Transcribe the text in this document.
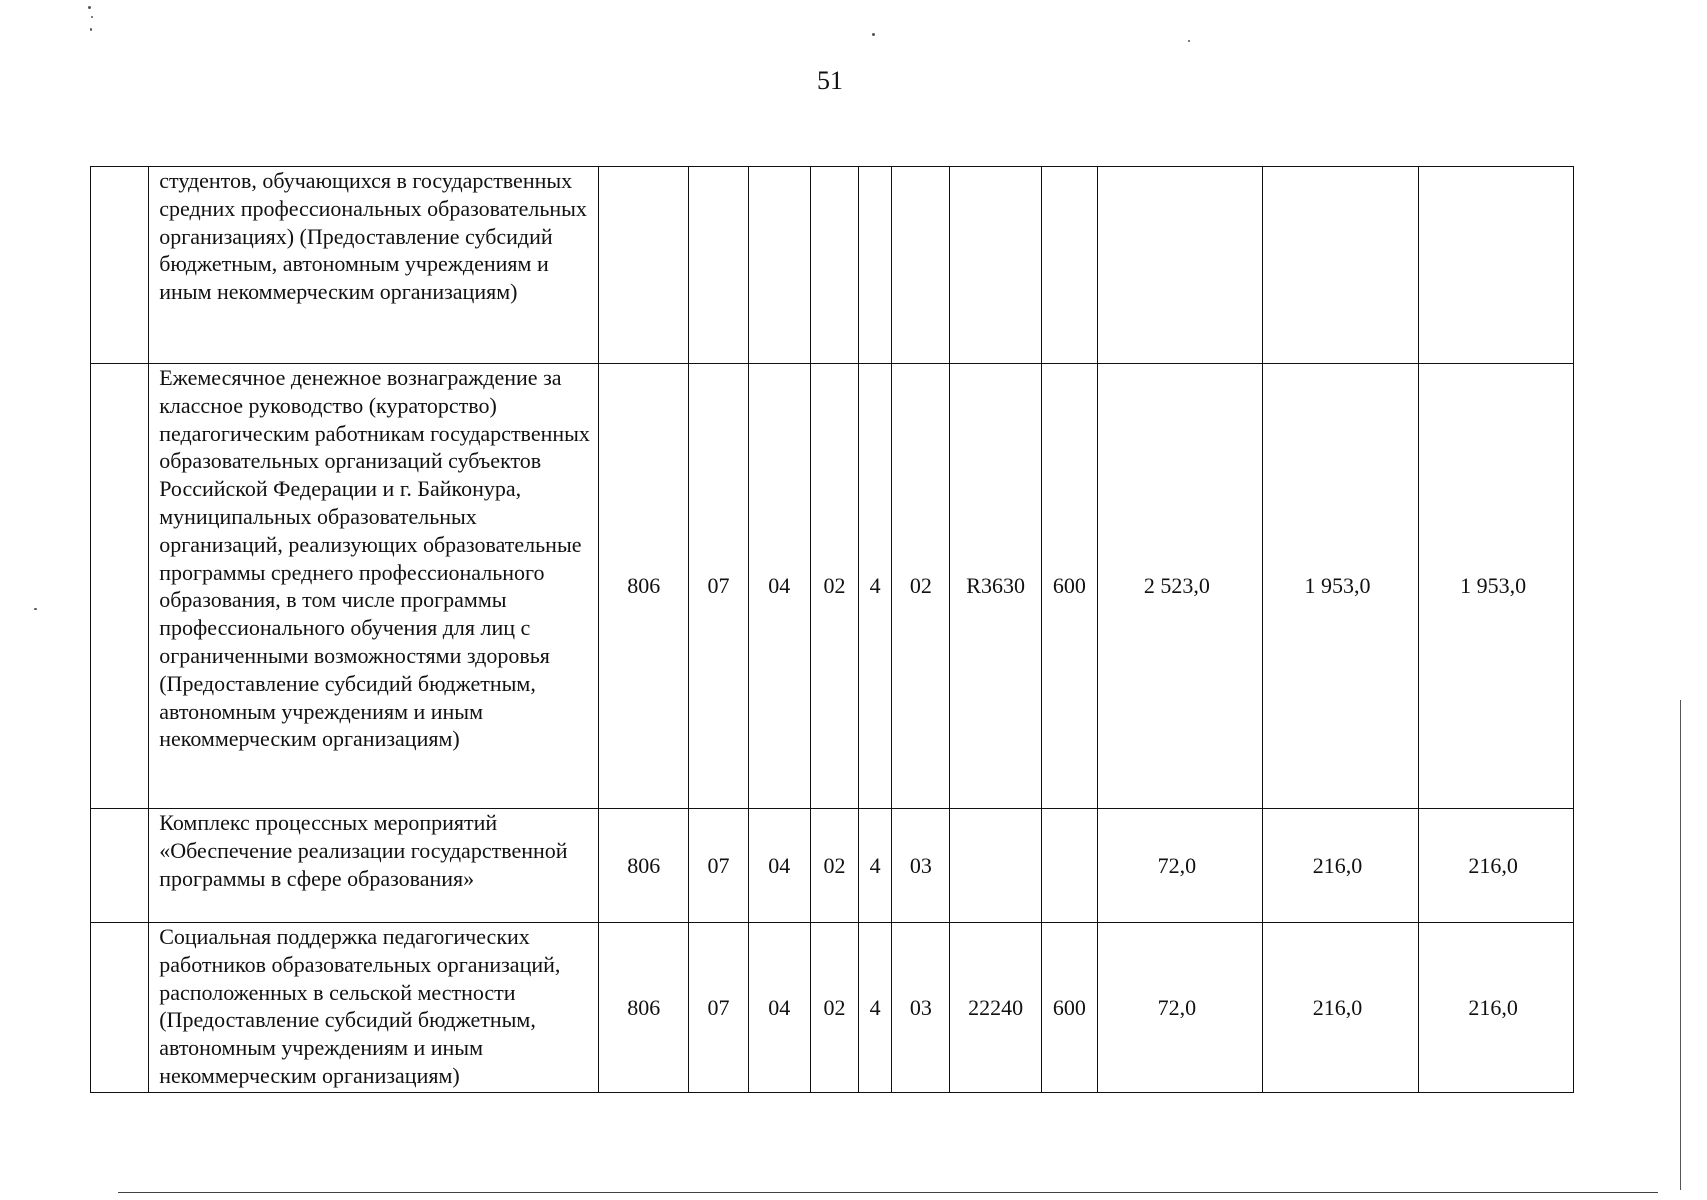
51
	студентов, обучающихся в государственных средних профессиональных образовательных организациях) (Предоставление субсидий бюджетным, автономным учреждениям и иным некоммерческим организациям)											
	Ежемесячное денежное вознаграждение за классное руководство (кураторство) педагогическим работникам государственных образовательных организаций субъектов Российской Федерации и г. Байконура, муниципальных образовательных организаций, реализующих образовательные программы среднего профессионального образования, в том числе программы профессионального обучения для лиц с ограниченными возможностями здоровья (Предоставление субсидий бюджетным, автономным учреждениям и иным некоммерческим организациям)	806	07	04	02	4	02	R3630	600	2 523,0	1 953,0	1 953,0
	Комплекс процессных мероприятий «Обеспечение реализации государственной программы в сфере образования»	806	07	04	02	4	03			72,0	216,0	216,0
	Социальная поддержка педагогических работников образовательных организаций, расположенных в сельской местности (Предоставление субсидий бюджетным, автономным учреждениям и иным некоммерческим организациям)	806	07	04	02	4	03	22240	600	72,0	216,0	216,0
